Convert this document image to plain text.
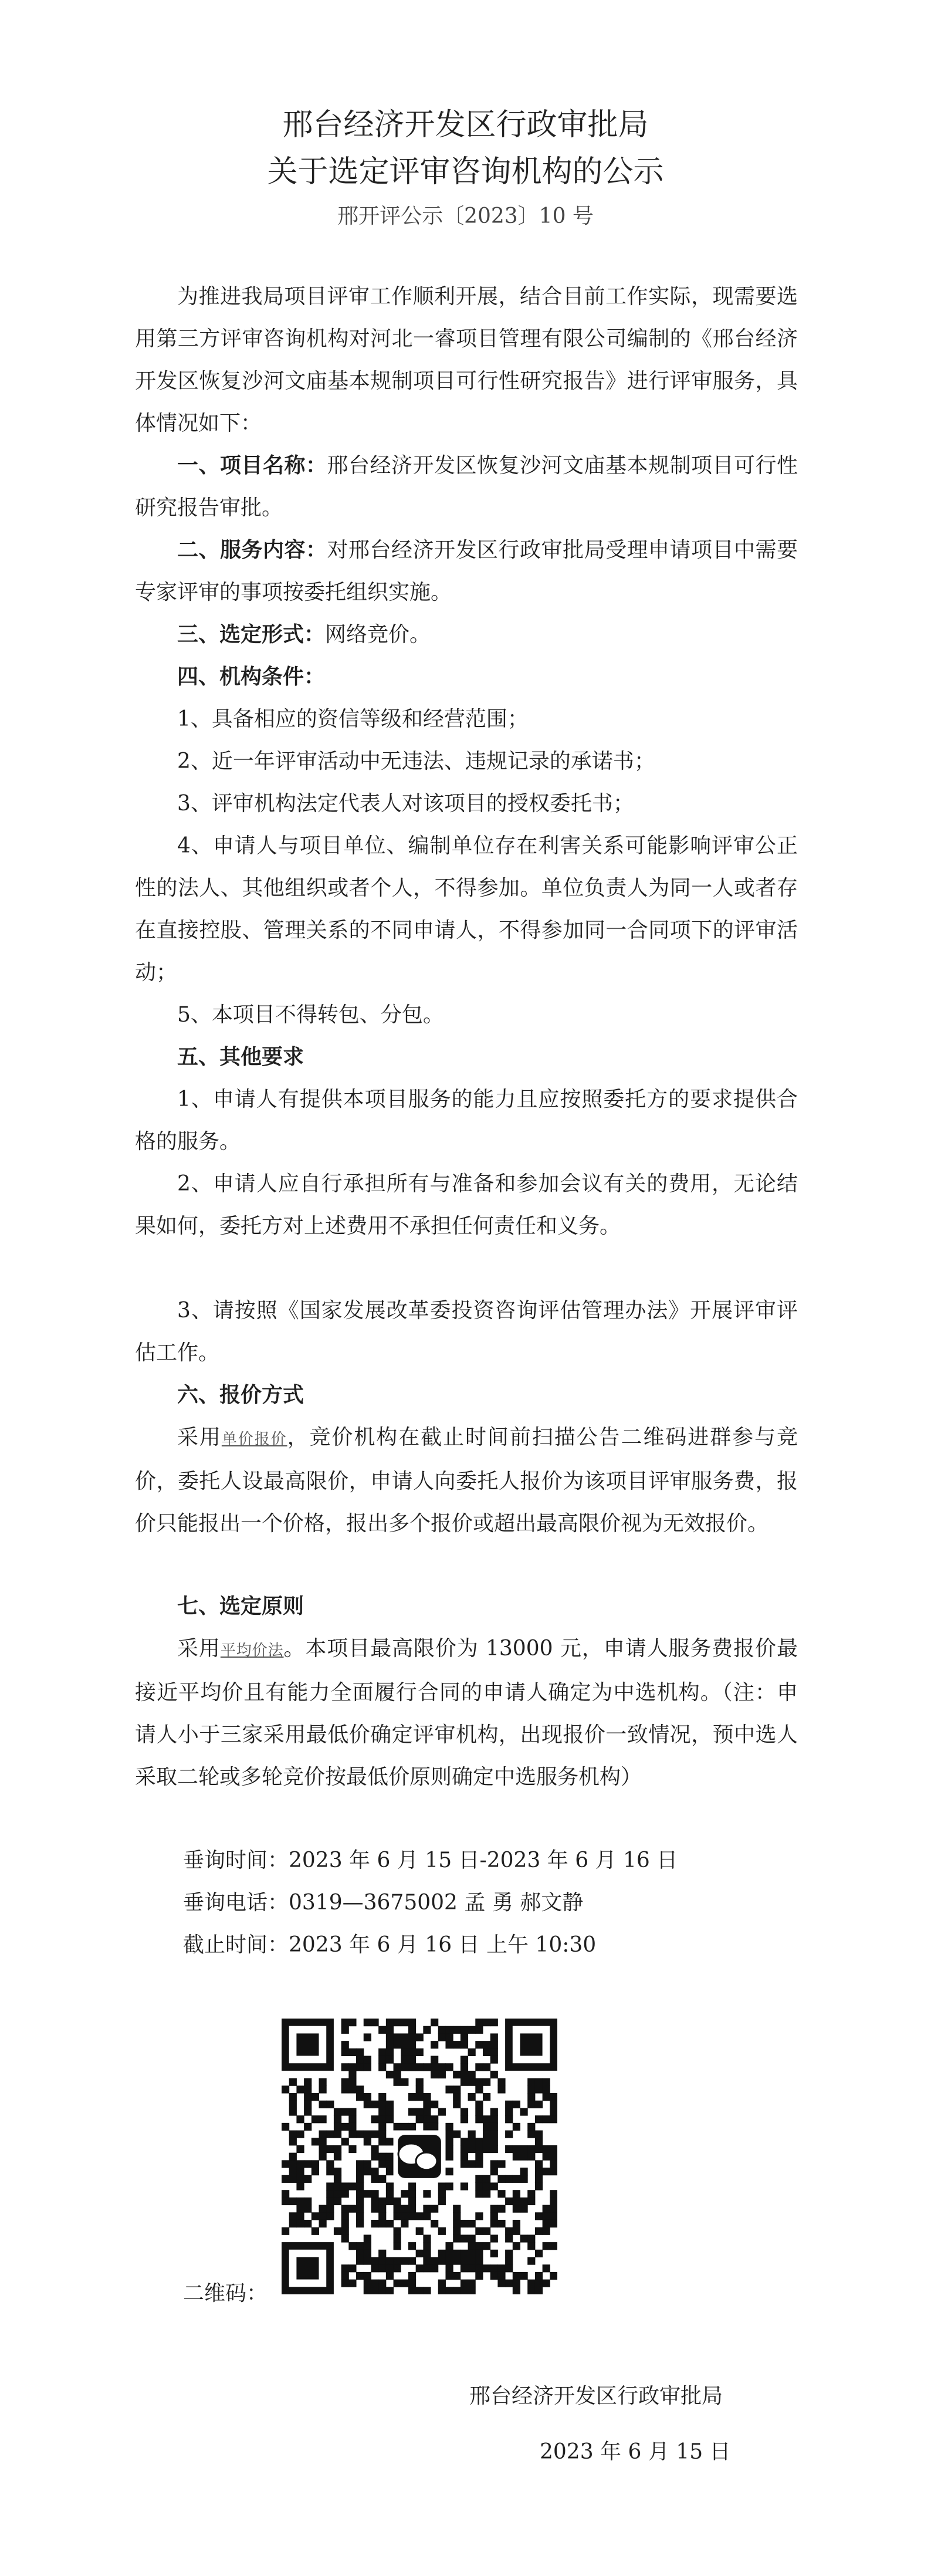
邢台经济开发区行政审批局
关于选定评审咨询机构的公示
邢开评公示〔2023〕10 号
为推进我局项目评审工作顺利开展，结合目前工作实际，现需要选用第三方评审咨询机构对河北一睿项目管理有限公司编制的《邢台经济开发区恢复沙河文庙基本规制项目可行性研究报告》进行评审服务，具体情况如下：
一、项目名称：邢台经济开发区恢复沙河文庙基本规制项目可行性研究报告审批。
二、服务内容：对邢台经济开发区行政审批局受理申请项目中需要专家评审的事项按委托组织实施。
三、选定形式：网络竞价。
四、机构条件：
1、具备相应的资信等级和经营范围；
2、近一年评审活动中无违法、违规记录的承诺书；
3、评审机构法定代表人对该项目的授权委托书；
4、申请人与项目单位、编制单位存在利害关系可能影响评审公正性的法人、其他组织或者个人，不得参加。单位负责人为同一人或者存在直接控股、管理关系的不同申请人，不得参加同一合同项下的评审活动；
5、本项目不得转包、分包。
五、其他要求
1、申请人有提供本项目服务的能力且应按照委托方的要求提供合格的服务。
2、申请人应自行承担所有与准备和参加会议有关的费用，无论结果如何，委托方对上述费用不承担任何责任和义务。
3、请按照《国家发展改革委投资咨询评估管理办法》开展评审评估工作。
六、报价方式
采用单价报价，竞价机构在截止时间前扫描公告二维码进群参与竞价，委托人设最高限价，申请人向委托人报价为该项目评审服务费，报价只能报出一个价格，报出多个报价或超出最高限价视为无效报价。
七、选定原则
采用平均价法。本项目最高限价为 13000 元，申请人服务费报价最接近平均价且有能力全面履行合同的申请人确定为中选机构。（注：申请人小于三家采用最低价确定评审机构，出现报价一致情况，预中选人采取二轮或多轮竞价按最低价原则确定中选服务机构）
垂询时间：2023 年 6 月 15 日-2023 年 6 月 16 日
垂询电话：0319—3675002 孟 勇 郝文静
截止时间：2023 年 6 月 16 日 上午 10:30
二维码：
邢台经济开发区行政审批局
2023 年 6 月 15 日
